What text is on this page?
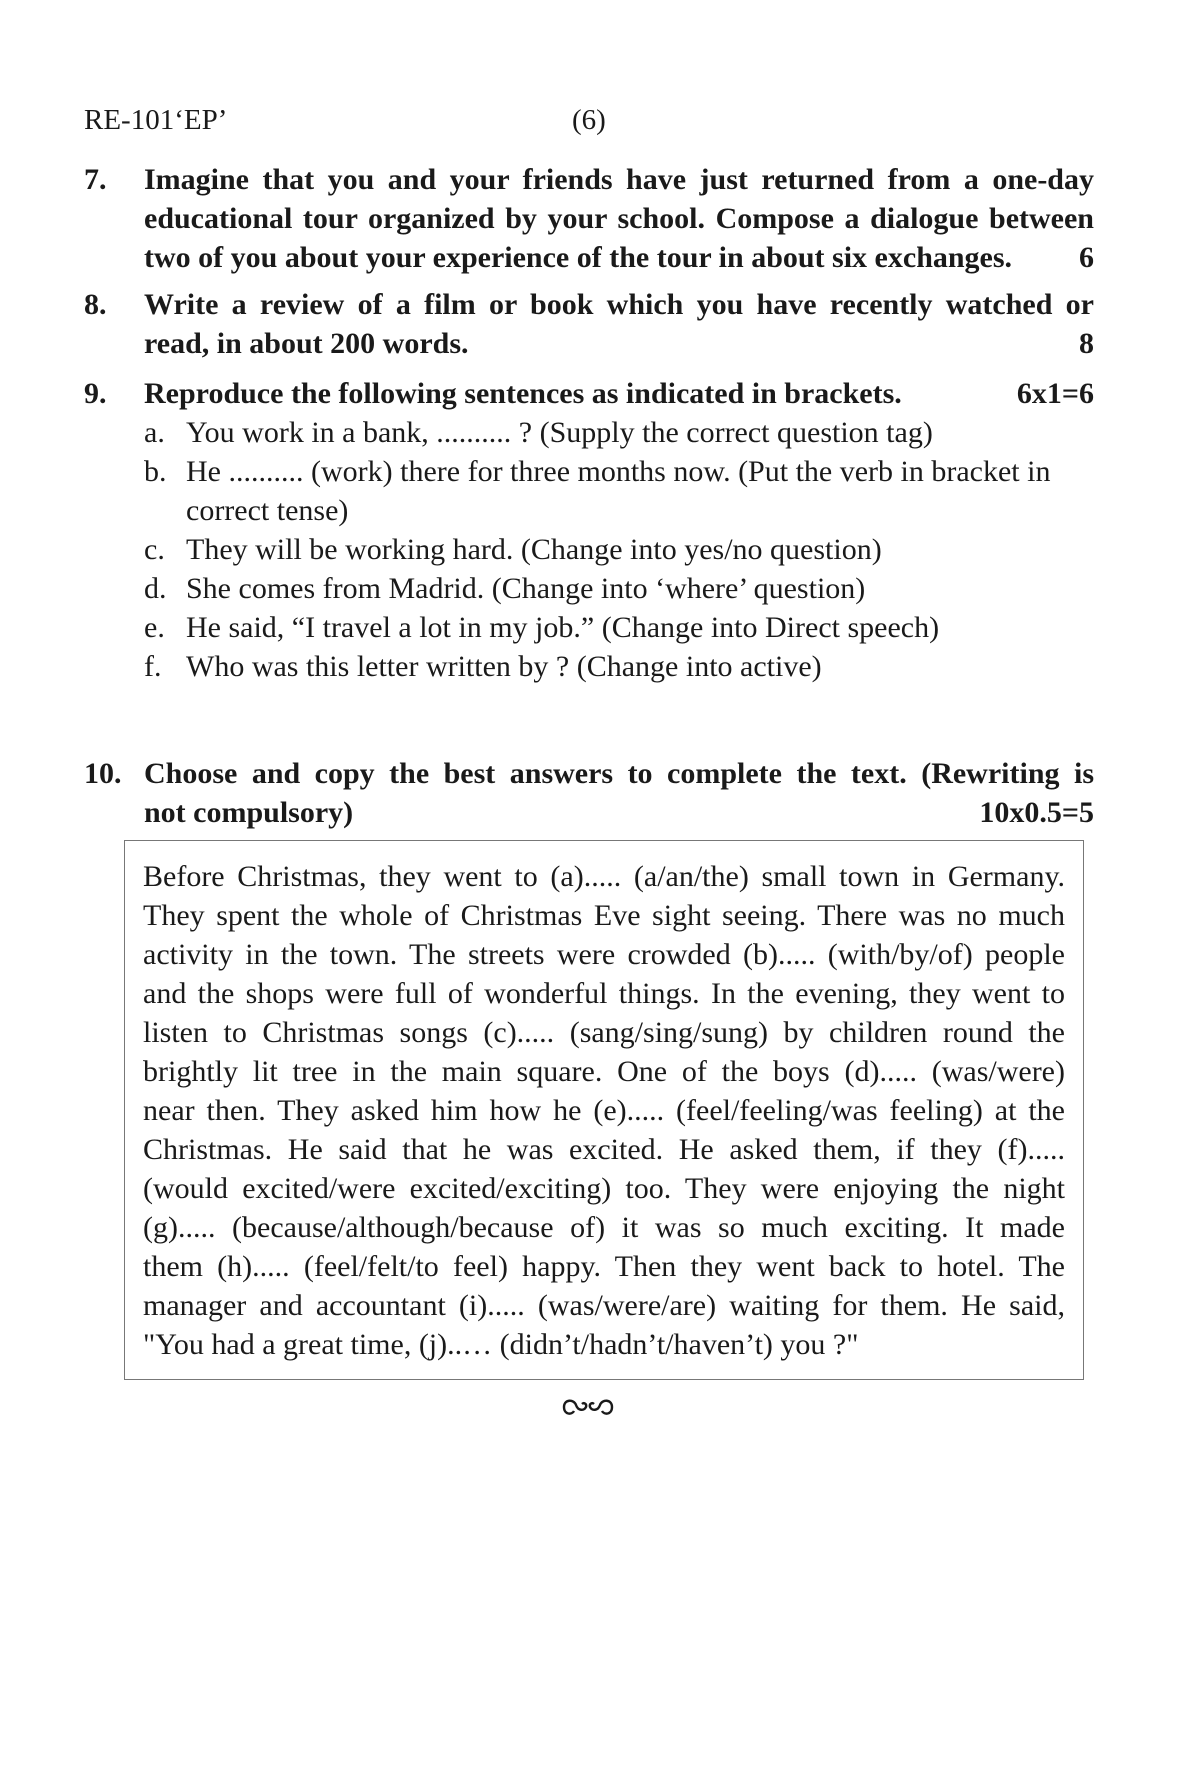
RE-101‘EP’	(6)
7. Imagine that you and your friends have just returned from a one-day
educational tour organized by your school. Compose a dialogue between
6
two of you about your experience of the tour in about six exchanges.
8. Write a review of a film or book which you have recently watched or
8
read, in about 200 words.
9.	6x1=6
Reproduce the following sentences as indicated in brackets.
a. You work in a bank, .......... ? (Supply the correct question tag)
b. He .......... (work) there for three months now. (Put the verb in bracket in correct tense)
c. They will be working hard. (Change into yes/no question)
d. She comes from Madrid. (Change into ‘where’ question)
e. He said, “I travel a lot in my job.” (Change into Direct speech)
f. Who was this letter written by ? (Change into active)
10. Choose and copy the best answers to complete the text. (Rewriting is
10x0.5=5
not compulsory)
Before Christmas, they went to (a)..... (a/an/the) small town in Germany.
They spent the whole of Christmas Eve sight seeing. There was no much
activity in the town. The streets were crowded (b)..... (with/by/of) people
and the shops were full of wonderful things. In the evening, they went to
listen to Christmas songs (c)..... (sang/sing/sung) by children round the
brightly lit tree in the main square. One of the boys (d)..... (was/were)
near then. They asked him how he (e)..... (feel/feeling/was feeling) at the
Christmas. He said that he was excited. He asked them, if they (f).....
(would excited/were excited/exciting) too. They were enjoying the night
(g)..... (because/although/because of) it was so much exciting. It made
them (h)..... (feel/felt/to feel) happy. Then they went back to hotel. The
manager and accountant (i)..... (was/were/are) waiting for them. He said,
"You had a great time, (j)..… (didn’t/hadn’t/haven’t) you ?"
